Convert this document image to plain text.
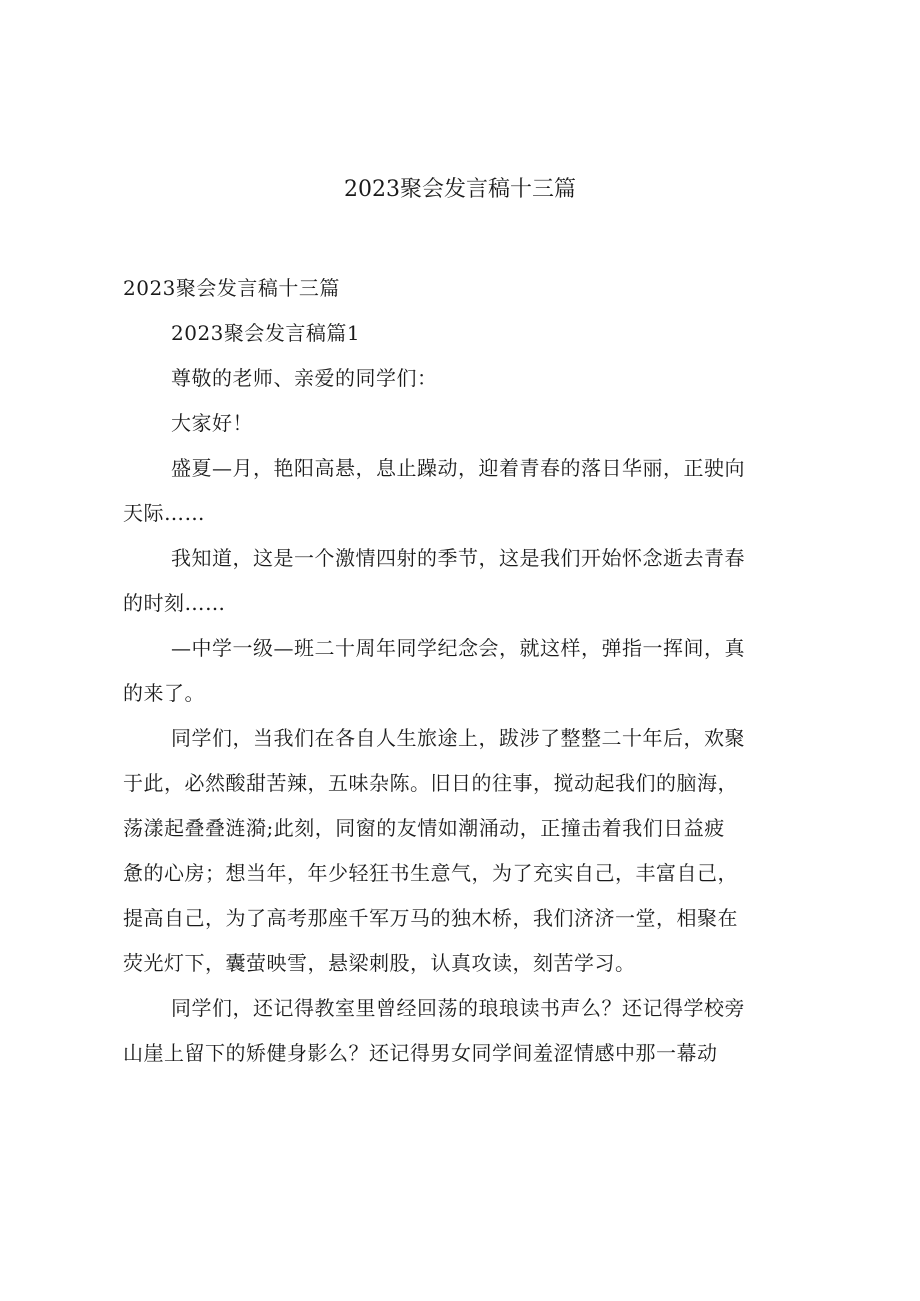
2023聚会发言稿十三篇
2023聚会发言稿十三篇
2023聚会发言稿篇1
尊敬的老师、亲爱的同学们：
大家好！
盛夏—月，艳阳高悬，息止躁动，迎着青春的落日华丽，正驶向
天际……
我知道，这是一个激情四射的季节，这是我们开始怀念逝去青春
的时刻……
—中学一级—班二十周年同学纪念会，就这样，弹指一挥间，真
的来了。
同学们，当我们在各自人生旅途上，跋涉了整整二十年后，欢聚
于此，必然酸甜苦辣，五味杂陈。旧日的往事，搅动起我们的脑海，
荡漾起叠叠涟漪;此刻，同窗的友情如潮涌动，正撞击着我们日益疲
惫的心房；想当年，年少轻狂书生意气，为了充实自己，丰富自己，
提高自己，为了高考那座千军万马的独木桥，我们济济一堂，相聚在
荧光灯下，囊萤映雪，悬梁刺股，认真攻读，刻苦学习。
同学们，还记得教室里曾经回荡的琅琅读书声么？还记得学校旁
山崖上留下的矫健身影么？还记得男女同学间羞涩情感中那一幕动
